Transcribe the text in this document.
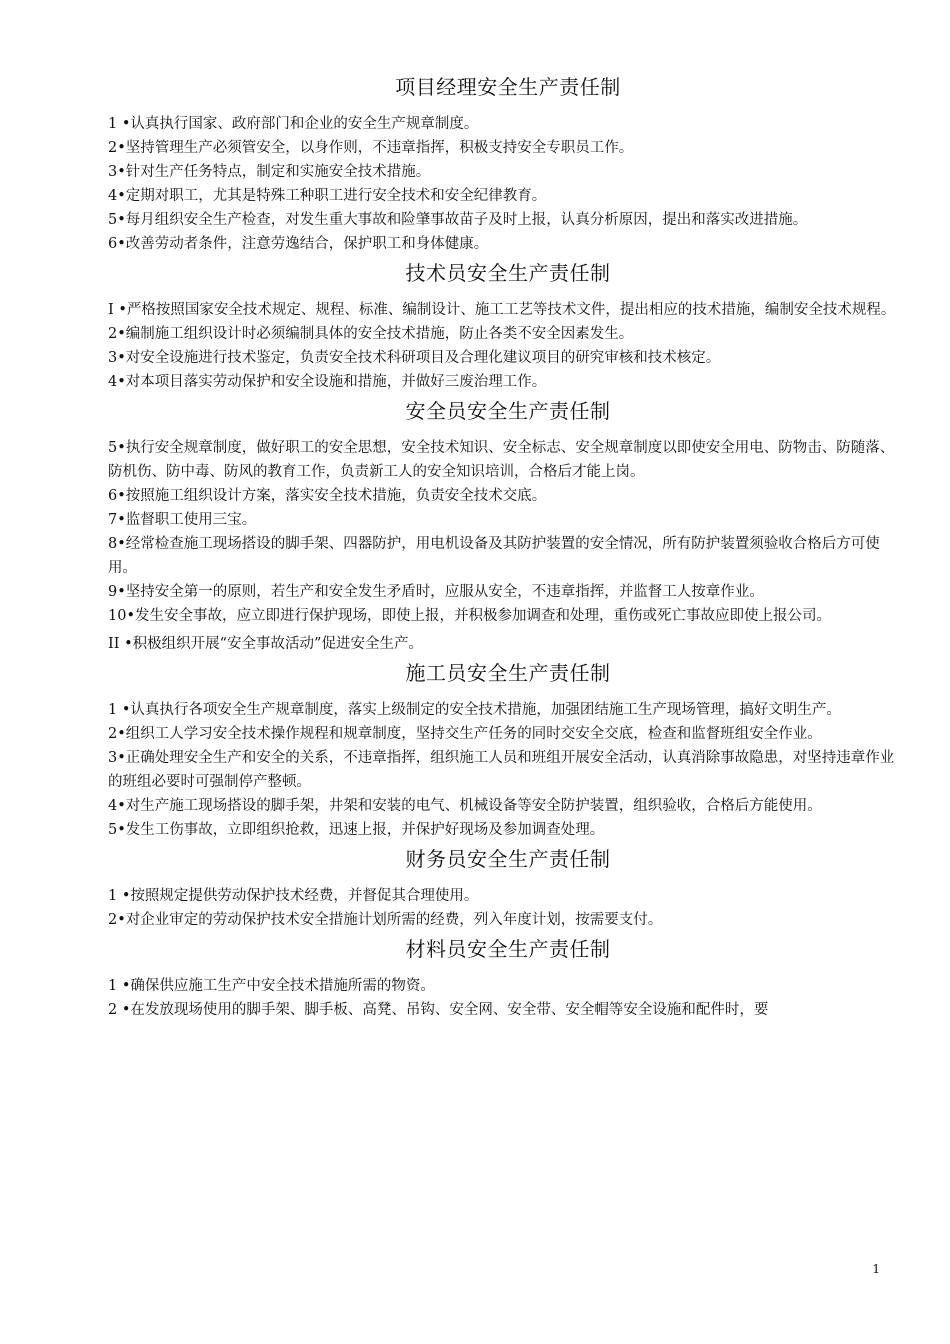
项目经理安全生产责任制

1 •认真执行国家、政府部门和企业的安全生产规章制度。

2•坚持管理生产必须管安全，以身作则，不违章指挥，积极支持安全专职员工作。

3•针对生产任务特点，制定和实施安全技术措施。

4•定期对职工，尤其是特殊工种职工进行安全技术和安全纪律教育。

5•每月组织安全生产检查，对发生重大事故和险肇事故苗子及时上报，认真分析原因，提出和落实改进措施。

6•改善劳动者条件，注意劳逸结合，保护职工和身体健康。

技术员安全生产责任制

I •严格按照国家安全技术规定、规程、标准、编制设计、施工工艺等技术文件，提出相应的技术措施，编制安全技术规程。

2•编制施工组织设计时必须编制具体的安全技术措施，防止各类不安全因素发生。

3•对安全设施进行技术鉴定，负责安全技术科研项目及合理化建议项目的研究审核和技术核定。

4•对本项目落实劳动保护和安全设施和措施，并做好三废治理工作。

安全员安全生产责任制

5•执行安全规章制度，做好职工的安全思想，安全技术知识、安全标志、安全规章制度以即使安全用电、防物击、防随落、防机伤、防中毒、防风的教育工作，负责新工人的安全知识培训，合格后才能上岗。

6•按照施工组织设计方案，落实安全技术措施，负责安全技术交底。

7•监督职工使用三宝。

8•经常检查施工现场搭设的脚手架、四器防护，用电机设备及其防护装置的安全情况，所有防护装置须验收合格后方可使用。

9•坚持安全第一的原则，若生产和安全发生矛盾时，应服从安全，不违章指挥，并监督工人按章作业。

10•发生安全事故，应立即进行保护现场，即使上报，并积极参加调查和处理，重伤或死亡事故应即使上报公司。

II •积极组织开展“安全事故活动”促进安全生产。

施工员安全生产责任制

1 •认真执行各项安全生产规章制度，落实上级制定的安全技术措施，加强团结施工生产现场管理，搞好文明生产。

2•组织工人学习安全技术操作规程和规章制度，坚持交生产任务的同时交安全交底，检查和监督班组安全作业。

3•正确处理安全生产和安全的关系，不违章指挥，组织施工人员和班组开展安全活动，认真消除事故隐患，对坚持违章作业的班组必要时可强制停产整顿。

4•对生产施工现场搭设的脚手架，井架和安装的电气、机械设备等安全防护装置，组织验收，合格后方能使用。

5•发生工伤事故，立即组织抢救，迅速上报，并保护好现场及参加调查处理。

财务员安全生产责任制

1 •按照规定提供劳动保护技术经费，并督促其合理使用。

2•对企业审定的劳动保护技术安全措施计划所需的经费，列入年度计划，按需要支付。

材料员安全生产责任制

1 •确保供应施工生产中安全技术措施所需的物资。

2 •在发放现场使用的脚手架、脚手板、高凳、吊钩、安全网、安全带、安全帽等安全设施和配件时，要

1
